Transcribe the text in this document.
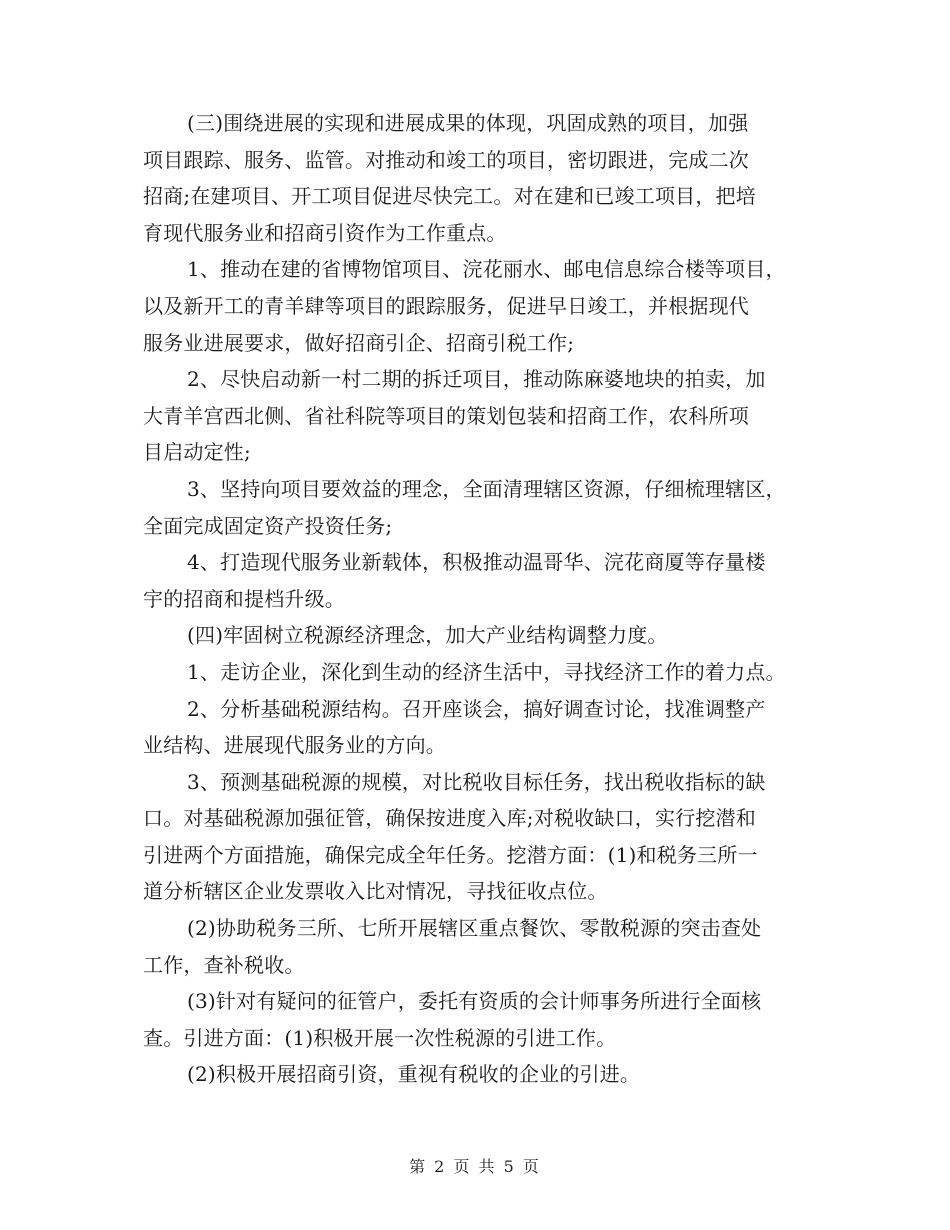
(三)围绕进展的实现和进展成果的体现，巩固成熟的项目，加强
项目跟踪、服务、监管。对推动和竣工的项目，密切跟进，完成二次
招商;在建项目、开工项目促进尽快完工。对在建和已竣工项目，把培
育现代服务业和招商引资作为工作重点。

1、推动在建的省博物馆项目、浣花丽水、邮电信息综合楼等项目，
以及新开工的青羊肆等项目的跟踪服务，促进早日竣工，并根据现代
服务业进展要求，做好招商引企、招商引税工作;

2、尽快启动新一村二期的拆迁项目，推动陈麻婆地块的拍卖，加
大青羊宫西北侧、省社科院等项目的策划包装和招商工作，农科所项
目启动定性;

3、坚持向项目要效益的理念，全面清理辖区资源，仔细梳理辖区，
全面完成固定资产投资任务;

4、打造现代服务业新载体，积极推动温哥华、浣花商厦等存量楼
宇的招商和提档升级。

(四)牢固树立税源经济理念，加大产业结构调整力度。

1、走访企业，深化到生动的经济生活中，寻找经济工作的着力点。

2、分析基础税源结构。召开座谈会，搞好调查讨论，找准调整产
业结构、进展现代服务业的方向。

3、预测基础税源的规模，对比税收目标任务，找出税收指标的缺
口。对基础税源加强征管，确保按进度入库;对税收缺口，实行挖潜和
引进两个方面措施，确保完成全年任务。挖潜方面：(1)和税务三所一
道分析辖区企业发票收入比对情况，寻找征收点位。

(2)协助税务三所、七所开展辖区重点餐饮、零散税源的突击查处
工作，查补税收。

(3)针对有疑问的征管户，委托有资质的会计师事务所进行全面核
查。引进方面：(1)积极开展一次性税源的引进工作。

(2)积极开展招商引资，重视有税收的企业的引进。

第 2 页 共 5 页
